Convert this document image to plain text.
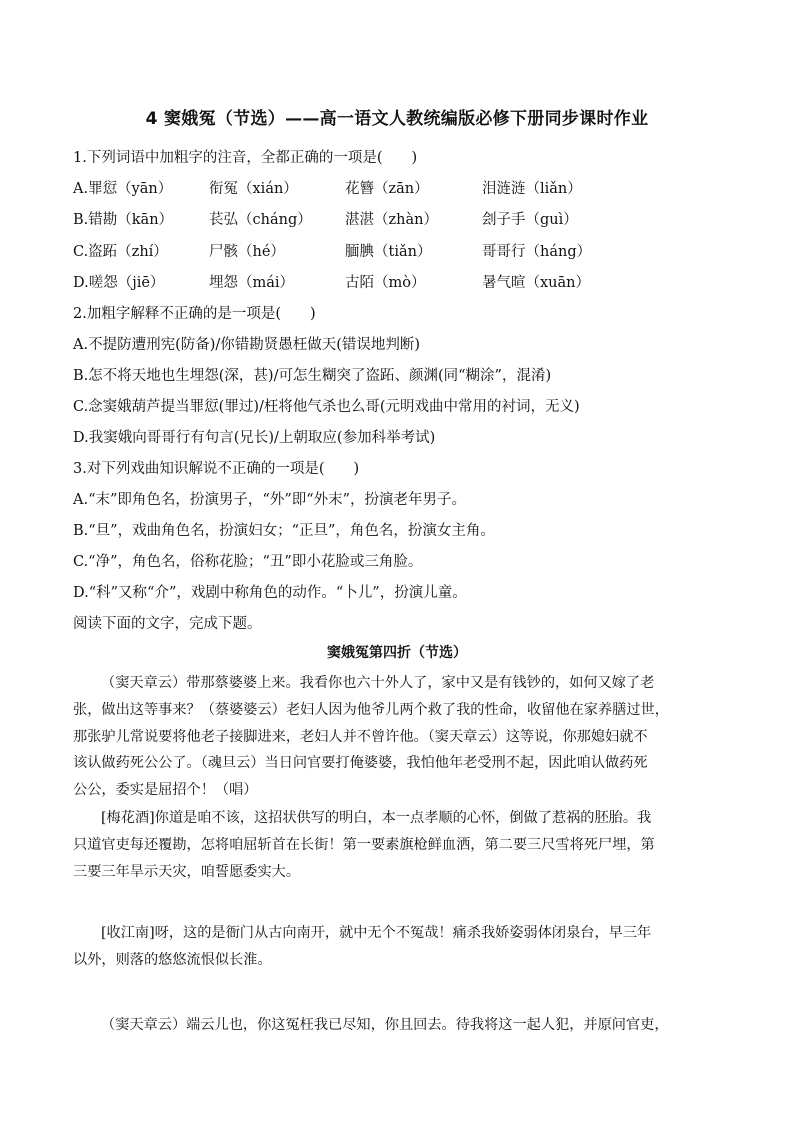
4 窦娥冤（节选）——高一语文人教统编版必修下册同步课时作业
1.下列词语中加粗字的注音，全都正确的一项是(　　)
A.罪愆（yān）	衔冤（xián）	花簪（zān）	泪涟涟（liǎn）
B.错勘（kān） 苌弘（cháng） 湛湛（zhàn）	刽子手（guì）
C.盗跖（zhí）	尸骸（hé）	腼腆（tiǎn）	哥哥行（háng）
D.嗟怨（jiē）	埋怨（mái）	古陌（mò）	暑气暄（xuān）
2.加粗字解释不正确的是一项是(　　)
A.不提防遭刑宪(防备)/你错勘贤愚枉做天(错误地判断)
B.怎不将天地也生埋怨(深，甚)/可怎生糊突了盗跖、颜渊(同“糊涂”，混淆)
C.念窦娥葫芦提当罪愆(罪过)/枉将他气杀也么哥(元明戏曲中常用的衬词，无义)
D.我窦娥向哥哥行有句言(兄长)/上朝取应(参加科举考试)
3.对下列戏曲知识解说不正确的一项是(　　)
A.“末”即角色名，扮演男子，“外”即“外末”，扮演老年男子。
B.“旦”，戏曲角色名，扮演妇女；“正旦”，角色名，扮演女主角。
C.“净”，角色名，俗称花脸；“丑”即小花脸或三角脸。
D.“科”又称“介”，戏剧中称角色的动作。“卜儿”，扮演儿童。
阅读下面的文字，完成下题。
窦娥冤第四折（节选）
（窦天章云）带那蔡婆婆上来。我看你也六十外人了，家中又是有钱钞的，如何又嫁了老
张，做出这等事来？（蔡婆婆云）老妇人因为他爷儿两个救了我的性命，收留他在家养膳过世，
那张驴儿常说要将他老子接脚进来，老妇人并不曾许他。（窦天章云）这等说，你那媳妇就不
该认做药死公公了。（魂旦云）当日问官要打俺婆婆，我怕他年老受刑不起，因此咱认做药死
公公，委实是屈招个！（唱）
[梅花酒]你道是咱不该，这招状供写的明白，本一点孝顺的心怀，倒做了惹祸的胚胎。我
只道官吏每还覆勘，怎将咱屈斩首在长街！第一要素旗枪鲜血洒，第二要三尺雪将死尸埋，第
三要三年旱示天灾，咱誓愿委实大。
[收江南]呀，这的是衙门从古向南开，就中无个不冤哉！痛杀我娇姿弱体闭泉台，早三年
以外，则落的悠悠流恨似长淮。
（窦天章云）端云儿也，你这冤枉我已尽知，你且回去。待我将这一起人犯，并原问官吏，
